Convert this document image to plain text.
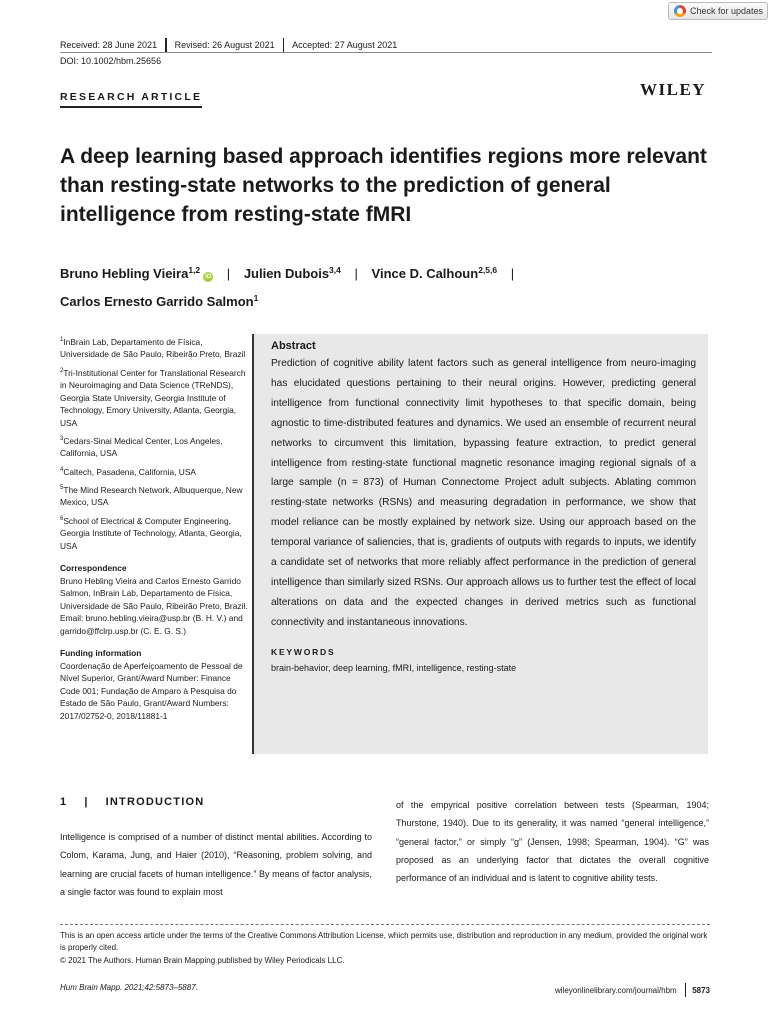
Check for updates
Received: 28 June 2021 Revised: 26 August 2021 Accepted: 27 August 2021
DOI: 10.1002/hbm.25656
RESEARCH ARTICLE	WILEY
A deep learning based approach identifies regions more relevant than resting-state networks to the prediction of general intelligence from resting-state fMRI
Bruno Hebling Vieira$^{1,2}$iD | Julien Dubois$^{3,4}$ | Vince D. Calhoun$^{2,5,6}$ |
Carlos Ernesto Garrido Salmon$^1$
$^1$InBrain Lab, Departamento de Física, Universidade de São Paulo, Ribeirão Preto, Brazil
$^2$Tri-Institutional Center for Translational Research in Neuroimaging and Data Science (TReNDS), Georgia State University, Georgia Institute of Technology, Emory University, Atlanta, Georgia, USA
$^3$Cedars-Sinai Medical Center, Los Angeles, California, USA
$^4$Caltech, Pasadena, California, USA
$^5$The Mind Research Network, Albuquerque, New Mexico, USA
$^6$School of Electrical & Computer Engineering, Georgia Institute of Technology, Atlanta, Georgia, USA
Correspondence
Bruno Hebling Vieira and Carlos Ernesto Garrido Salmon, InBrain Lab, Departamento de Física, Universidade de São Paulo, Ribeirão Preto, Brazil.
Email: bruno.hebling.vieira@usp.br (B. H. V.) and garrido@ffclrp.usp.br (C. E. G. S.)
Funding information
Coordenação de Aperfeiçoamento de Pessoal de Nível Superior, Grant/Award Number: Finance Code 001; Fundação de Amparo à Pesquisa do Estado de São Paulo, Grant/Award Numbers: 2017/02752-0, 2018/11881-1
Abstract
Prediction of cognitive ability latent factors such as general intelligence from neuro-imaging has elucidated questions pertaining to their neural origins. However, predicting general intelligence from functional connectivity limit hypotheses to that specific domain, being agnostic to time-distributed features and dynamics. We used an ensemble of recurrent neural networks to circumvent this limitation, bypassing feature extraction, to predict general intelligence from resting-state functional magnetic resonance imaging regional signals of a large sample (n = 873) of Human Connectome Project adult subjects. Ablating common resting-state networks (RSNs) and measuring degradation in performance, we show that model reliance can be mostly explained by network size. Using our approach based on the temporal variance of saliencies, that is, gradients of outputs with regards to inputs, we identify a candidate set of networks that more reliably affect performance in the prediction of general intelligence than similarly sized RSNs. Our approach allows us to further test the effect of local alterations on data and the expected changes in derived metrics such as functional connectivity and instantaneous innovations.
KEYWORDS
brain-behavior, deep learning, fMRI, intelligence, resting-state
1    |    INTRODUCTION
Intelligence is comprised of a number of distinct mental abilities. According to Colom, Karama, Jung, and Haier (2010), “Reasoning, problem solving, and learning are crucial facets of human intelligence.” By means of factor analysis, a single factor was found to explain most
of the empyrical positive correlation between tests (Spearman, 1904; Thurstone, 1940). Due to its generality, it was named “general intelligence,” “general factor,” or simply “g” (Jensen, 1998; Spearman, 1904). “G” was proposed as an underlying factor that dictates the overall cognitive performance of an individual and is latent to cognitive ability tests.
This is an open access article under the terms of the Creative Commons Attribution License, which permits use, distribution and reproduction in any medium, provided the original work is properly cited.
© 2021 The Authors. Human Brain Mapping published by Wiley Periodicals LLC.
Hum Brain Mapp. 2021;42:5873–5887.	wileyonlinelibrary.com/journal/hbm 5873
